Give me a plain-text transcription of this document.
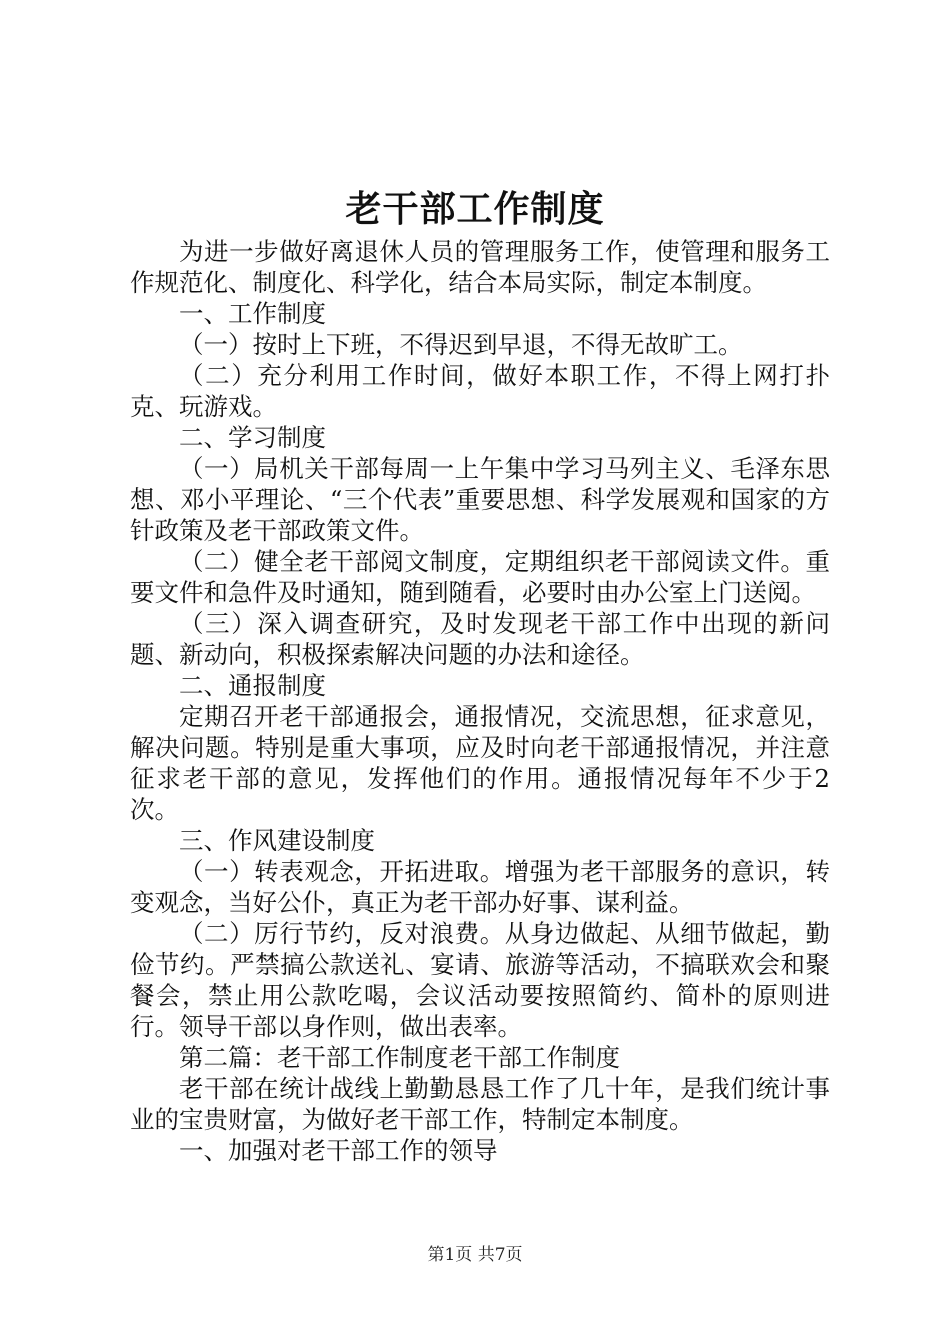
老干部工作制度

为进一步做好离退休人员的管理服务工作，使管理和服务工作规范化、制度化、科学化，结合本局实际，制定本制度。

一、工作制度

（一）按时上下班，不得迟到早退，不得无故旷工。

（二）充分利用工作时间，做好本职工作，不得上网打扑克、玩游戏。

二、学习制度

（一）局机关干部每周一上午集中学习马列主义、毛泽东思想、邓小平理论、“三个代表”重要思想、科学发展观和国家的方针政策及老干部政策文件。

（二）健全老干部阅文制度，定期组织老干部阅读文件。重要文件和急件及时通知，随到随看，必要时由办公室上门送阅。

（三）深入调查研究，及时发现老干部工作中出现的新问题、新动向，积极探索解决问题的办法和途径。

二、通报制度

定期召开老干部通报会，通报情况，交流思想，征求意见，解决问题。特别是重大事项，应及时向老干部通报情况，并注意征求老干部的意见，发挥他们的作用。通报情况每年不少于2次。

三、作风建设制度

（一）转表观念，开拓进取。增强为老干部服务的意识，转变观念，当好公仆，真正为老干部办好事、谋利益。

（二）厉行节约，反对浪费。从身边做起、从细节做起，勤俭节约。严禁搞公款送礼、宴请、旅游等活动，不搞联欢会和聚餐会，禁止用公款吃喝，会议活动要按照简约、简朴的原则进行。领导干部以身作则，做出表率。

第二篇：老干部工作制度老干部工作制度

老干部在统计战线上勤勤恳恳工作了几十年，是我们统计事业的宝贵财富，为做好老干部工作，特制定本制度。

一、加强对老干部工作的领导

第1页 共7页
